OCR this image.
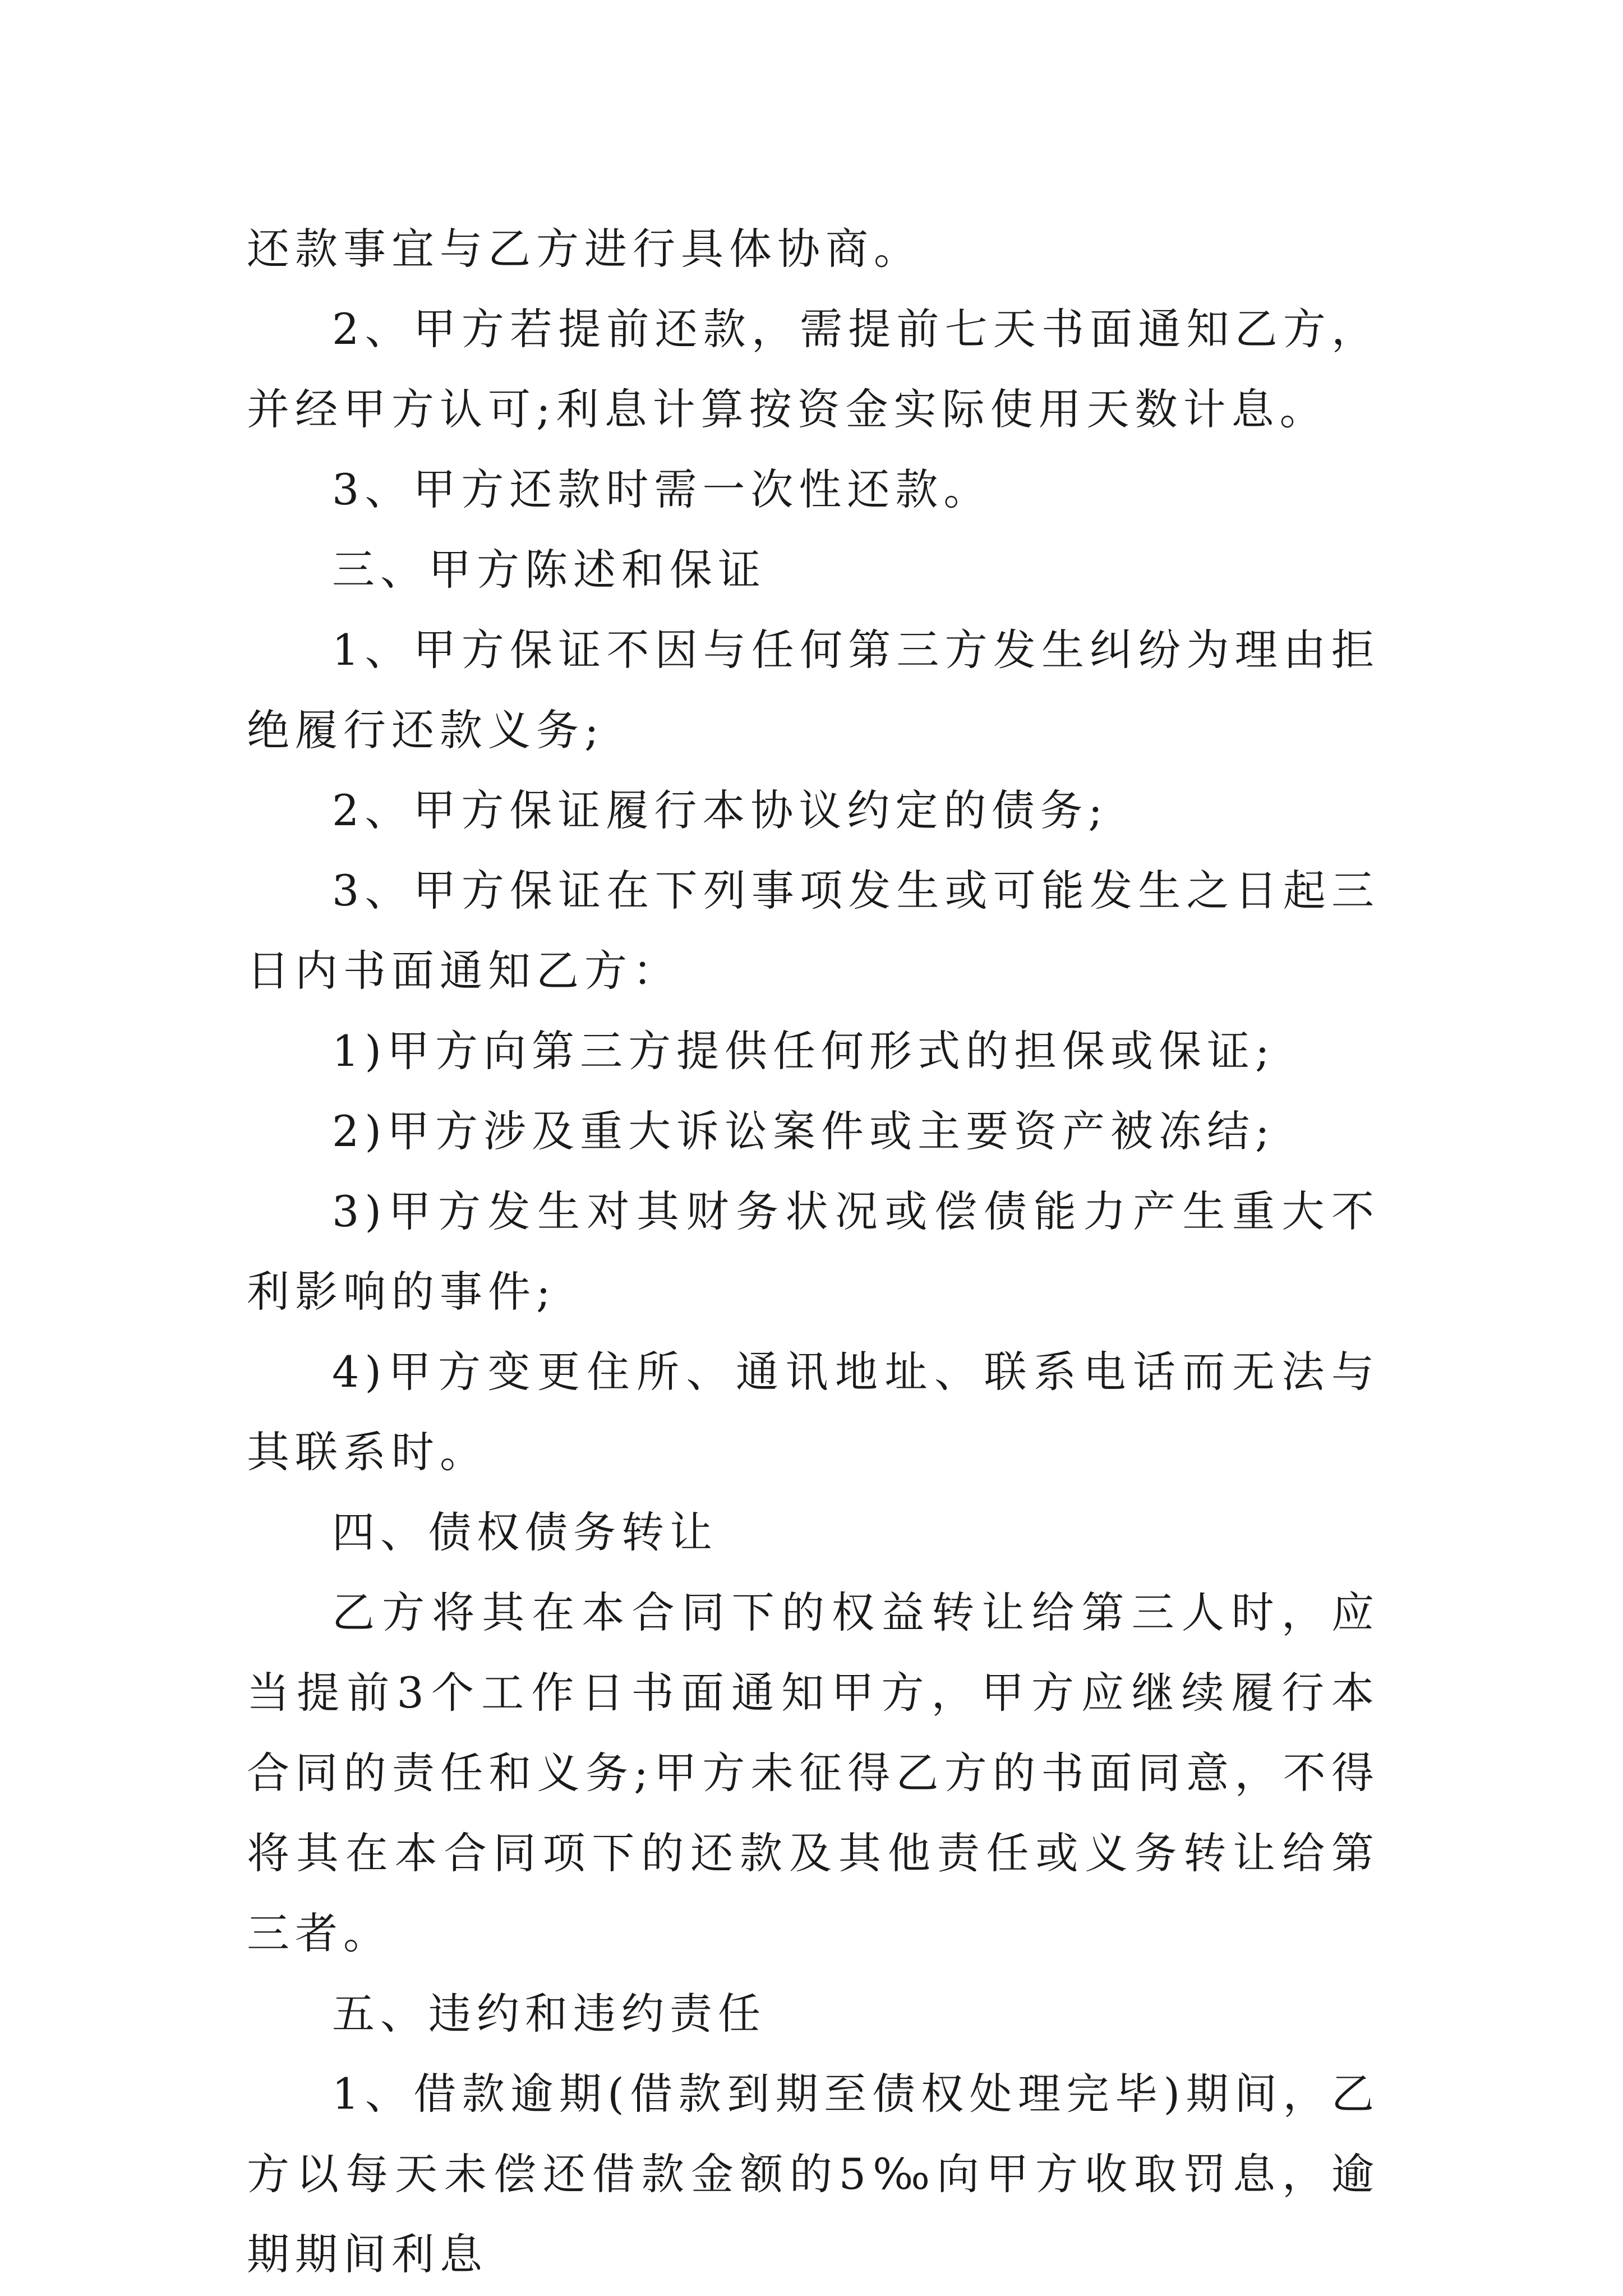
还款事宜与乙方进行具体协商。

2、甲方若提前还款，需提前七天书面通知乙方，并经甲方认可;利息计算按资金实际使用天数计息。

3、甲方还款时需一次性还款。

三、甲方陈述和保证

1、甲方保证不因与任何第三方发生纠纷为理由拒绝履行还款义务;

2、甲方保证履行本协议约定的债务;

3、甲方保证在下列事项发生或可能发生之日起三日内书面通知乙方：

1)甲方向第三方提供任何形式的担保或保证;

2)甲方涉及重大诉讼案件或主要资产被冻结;

3)甲方发生对其财务状况或偿债能力产生重大不利影响的事件;

4)甲方变更住所、通讯地址、联系电话而无法与其联系时。

四、债权债务转让

乙方将其在本合同下的权益转让给第三人时，应当提前3个工作日书面通知甲方，甲方应继续履行本合同的责任和义务;甲方未征得乙方的书面同意，不得将其在本合同项下的还款及其他责任或义务转让给第三者。

五、违约和违约责任

1、借款逾期(借款到期至债权处理完毕)期间，乙方以每天未偿还借款金额的5‰向甲方收取罚息，逾期期间利息
